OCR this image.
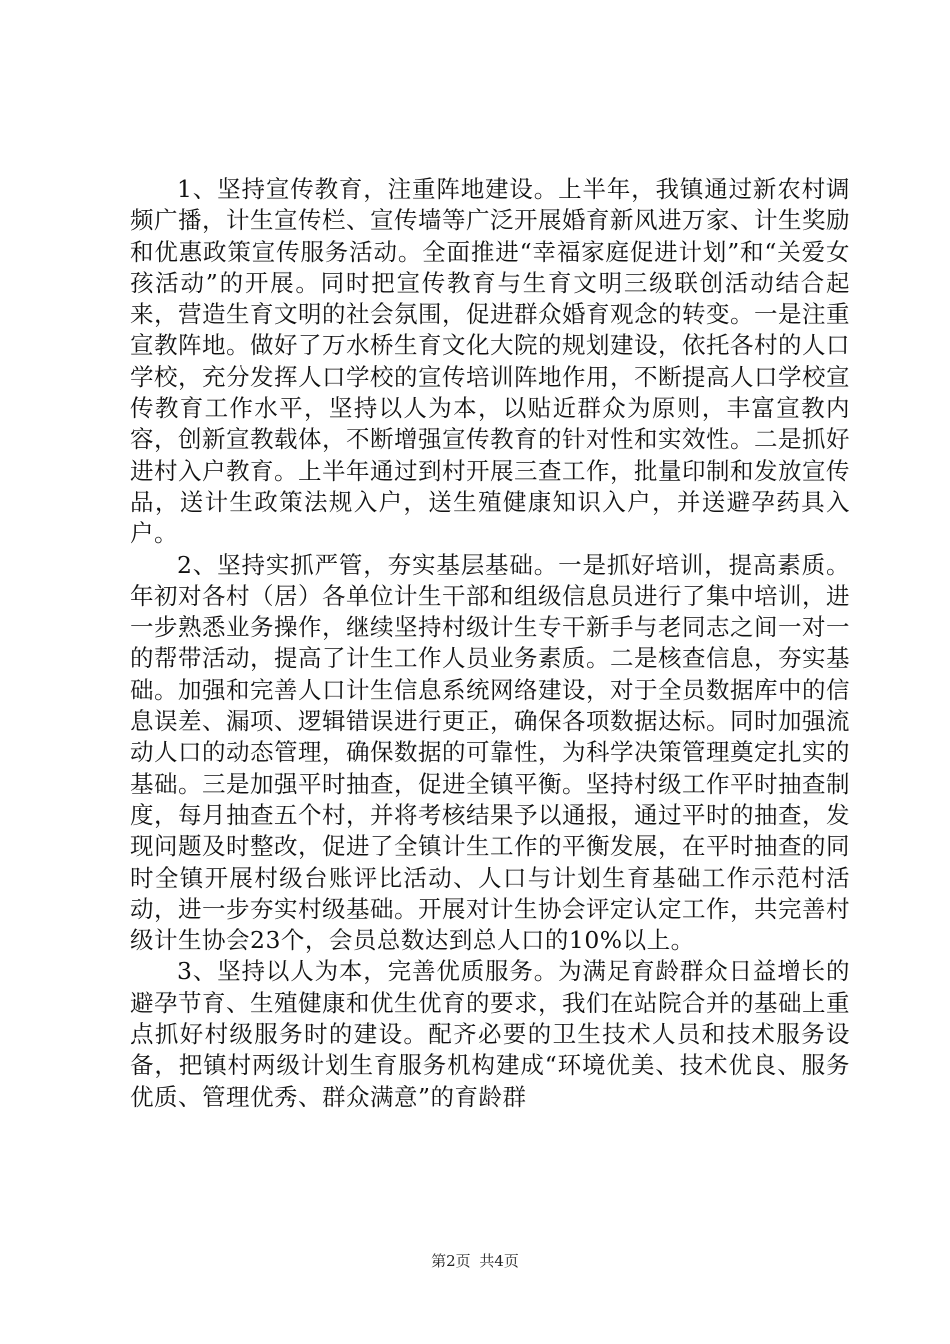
1、坚持宣传教育，注重阵地建设。上半年，我镇通过新农村调频广播，计生宣传栏、宣传墙等广泛开展婚育新风进万家、计生奖励和优惠政策宣传服务活动。全面推进“幸福家庭促进计划”和“关爱女孩活动”的开展。同时把宣传教育与生育文明三级联创活动结合起来，营造生育文明的社会氛围，促进群众婚育观念的转变。一是注重宣教阵地。做好了万水桥生育文化大院的规划建设，依托各村的人口学校，充分发挥人口学校的宣传培训阵地作用，不断提高人口学校宣传教育工作水平，坚持以人为本，以贴近群众为原则，丰富宣教内容，创新宣教载体，不断增强宣传教育的针对性和实效性。二是抓好进村入户教育。上半年通过到村开展三查工作，批量印制和发放宣传品，送计生政策法规入户，送生殖健康知识入户，并送避孕药具入户。

2、坚持实抓严管，夯实基层基础。一是抓好培训，提高素质。年初对各村（居）各单位计生干部和组级信息员进行了集中培训，进一步熟悉业务操作，继续坚持村级计生专干新手与老同志之间一对一的帮带活动，提高了计生工作人员业务素质。二是核查信息，夯实基础。加强和完善人口计生信息系统网络建设，对于全员数据库中的信息误差、漏项、逻辑错误进行更正，确保各项数据达标。同时加强流动人口的动态管理，确保数据的可靠性，为科学决策管理奠定扎实的基础。三是加强平时抽查，促进全镇平衡。坚持村级工作平时抽查制度，每月抽查五个村，并将考核结果予以通报，通过平时的抽查，发现问题及时整改，促进了全镇计生工作的平衡发展，在平时抽查的同时全镇开展村级台账评比活动、人口与计划生育基础工作示范村活动，进一步夯实村级基础。开展对计生协会评定认定工作，共完善村级计生协会23个，会员总数达到总人口的10%以上。

3、坚持以人为本，完善优质服务。为满足育龄群众日益增长的避孕节育、生殖健康和优生优育的要求，我们在站院合并的基础上重点抓好村级服务时的建设。配齐必要的卫生技术人员和技术服务设备，把镇村两级计划生育服务机构建成“环境优美、技术优良、服务优质、管理优秀、群众满意”的育龄群

第2页 共4页
